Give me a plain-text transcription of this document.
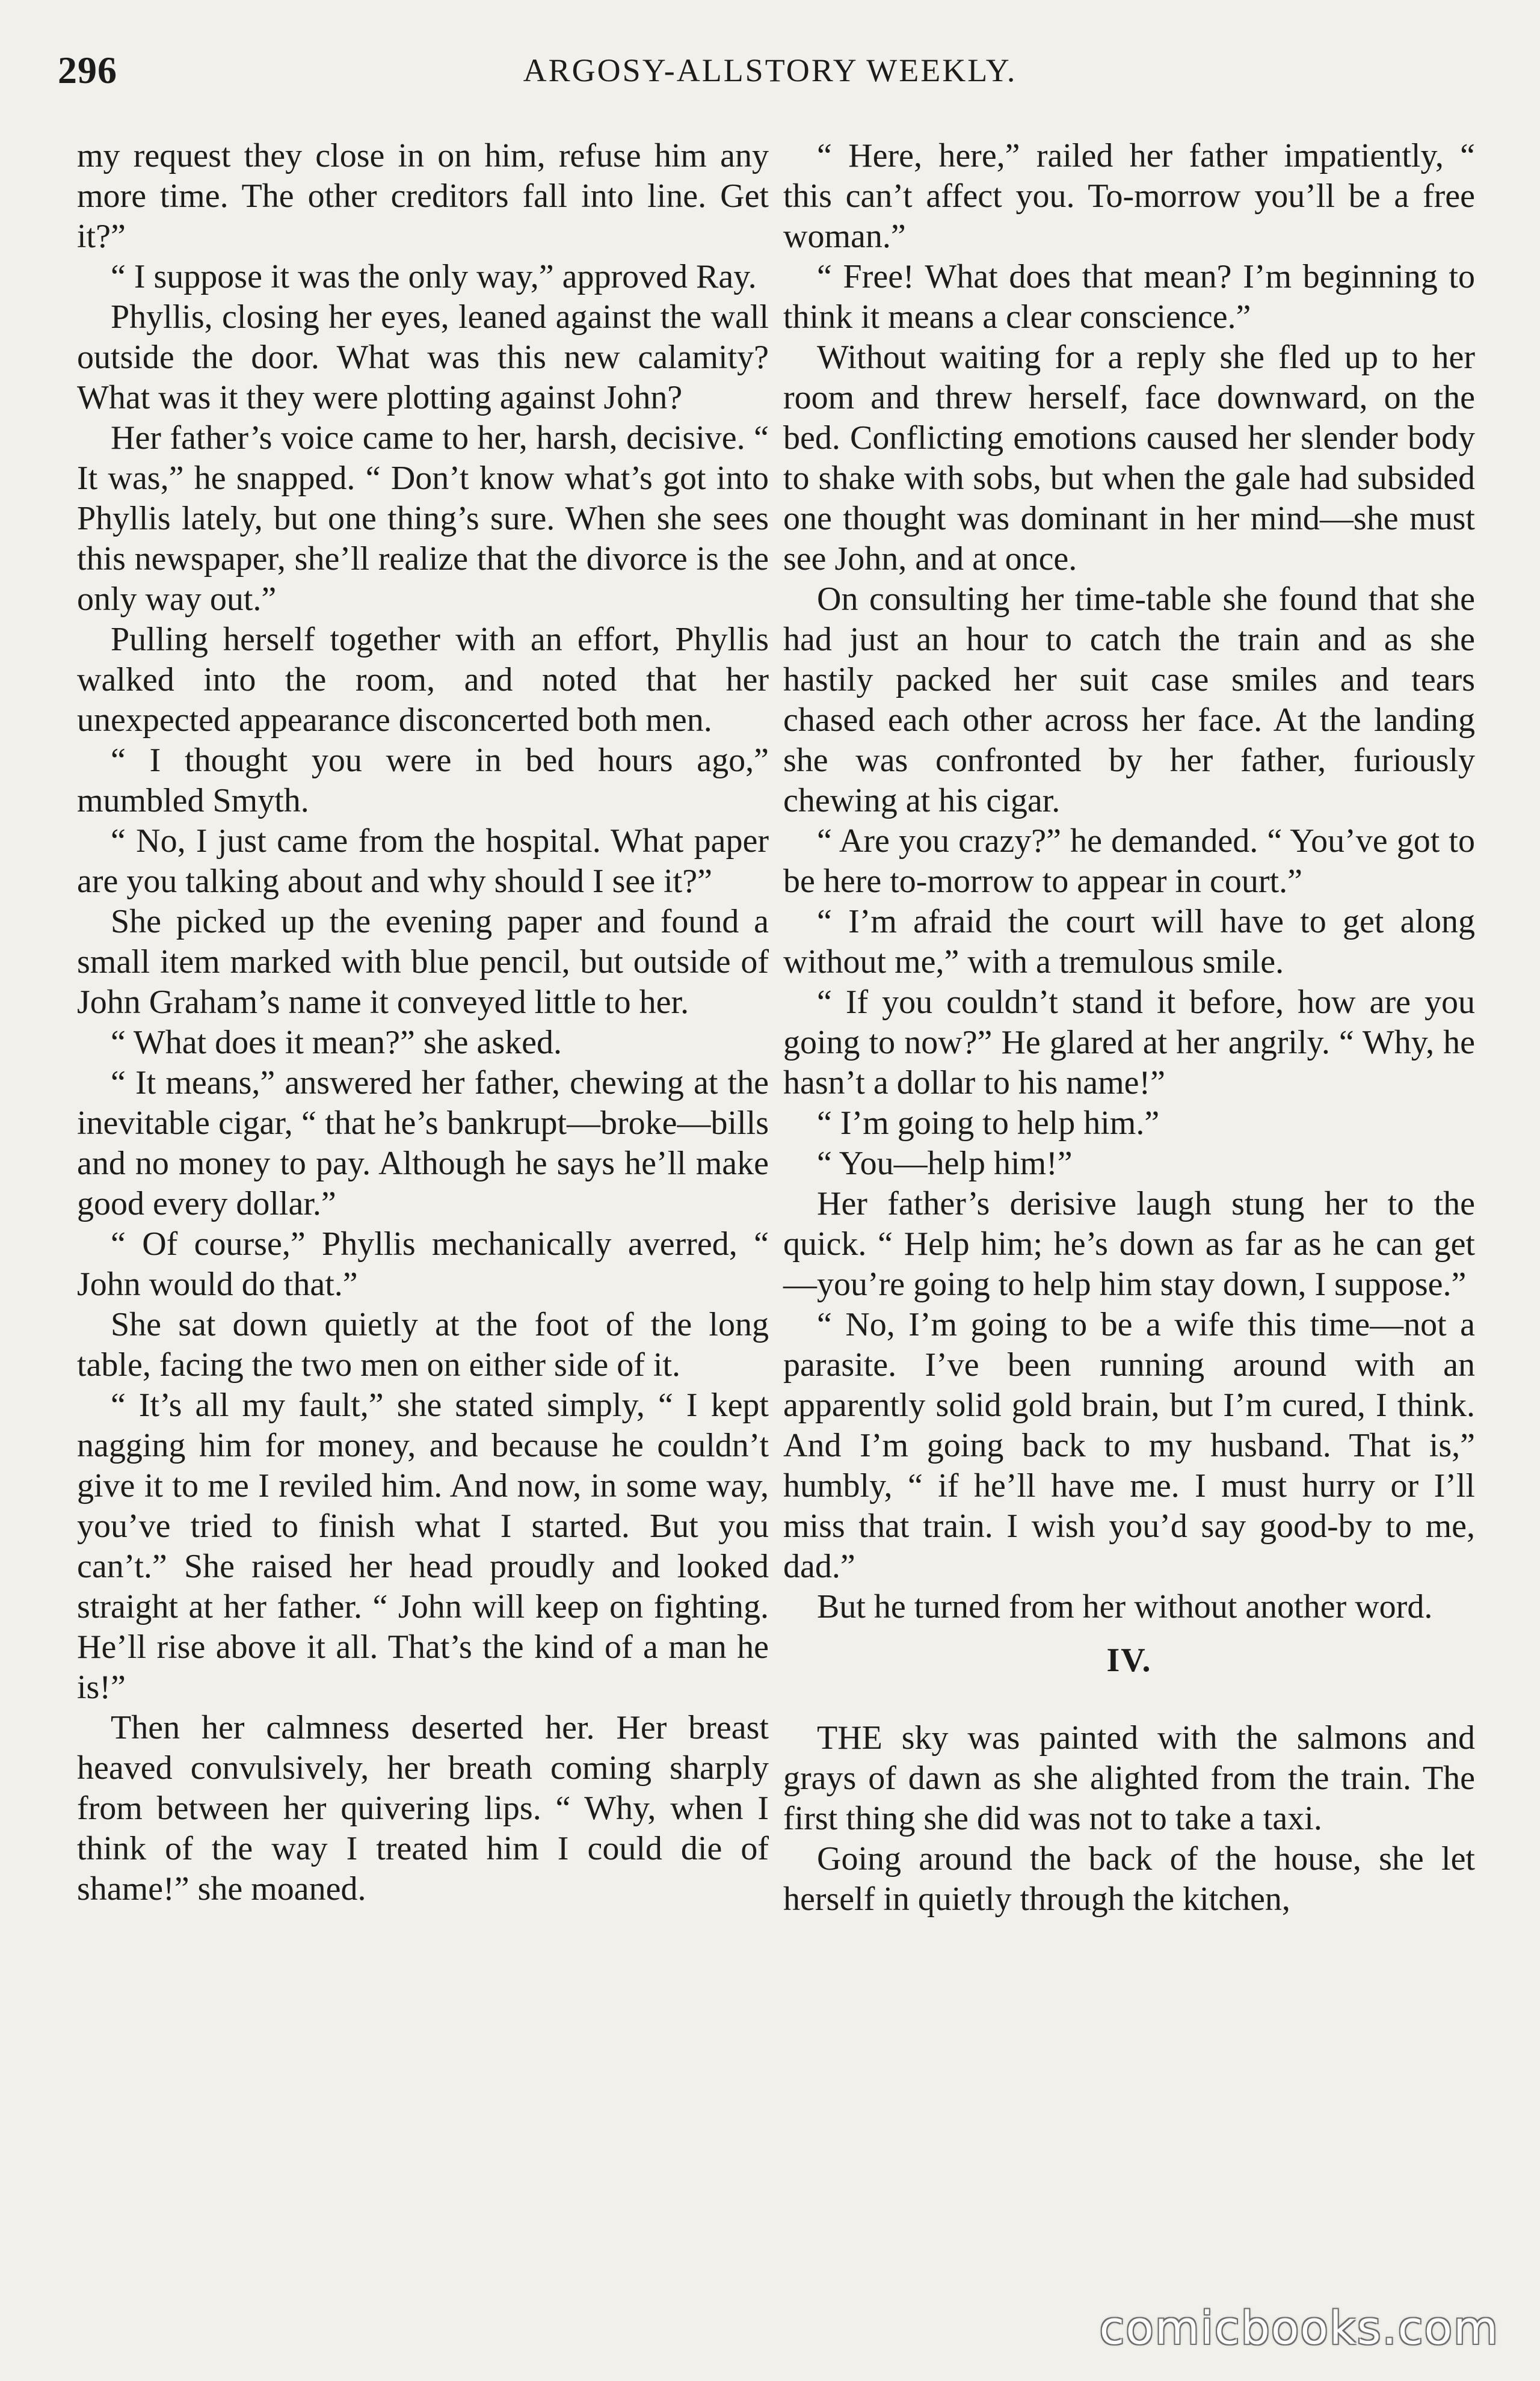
296	ARGOSY-ALLSTORY WEEKLY.

my request they close in on him, refuse him any more time. The other creditors fall into line. Get it?”

“ I suppose it was the only way,” approved Ray.

Phyllis, closing her eyes, leaned against the wall outside the door. What was this new calamity? What was it they were plotting against John?

Her father’s voice came to her, harsh, decisive. “ It was,” he snapped. “ Don’t know what’s got into Phyllis lately, but one thing’s sure. When she sees this newspaper, she’ll realize that the divorce is the only way out.”

Pulling herself together with an effort, Phyllis walked into the room, and noted that her unexpected appearance disconcerted both men.

“ I thought you were in bed hours ago,” mumbled Smyth.

“ No, I just came from the hospital. What paper are you talking about and why should I see it?”

She picked up the evening paper and found a small item marked with blue pencil, but outside of John Graham’s name it conveyed little to her.

“ What does it mean?” she asked.

“ It means,” answered her father, chewing at the inevitable cigar, “ that he’s bankrupt—broke—bills and no money to pay. Although he says he’ll make good every dollar.”

“ Of course,” Phyllis mechanically averred, “ John would do that.”

She sat down quietly at the foot of the long table, facing the two men on either side of it.

“ It’s all my fault,” she stated simply, “ I kept nagging him for money, and because he couldn’t give it to me I reviled him. And now, in some way, you’ve tried to finish what I started. But you can’t.” She raised her head proudly and looked straight at her father. “ John will keep on fighting. He’ll rise above it all. That’s the kind of a man he is!”

Then her calmness deserted her. Her breast heaved convulsively, her breath coming sharply from between her quivering lips. “ Why, when I think of the way I treated him I could die of shame!” she moaned.

“ Here, here,” railed her father impatiently, “ this can’t affect you. To-morrow you’ll be a free woman.”

“ Free! What does that mean? I’m beginning to think it means a clear conscience.”

Without waiting for a reply she fled up to her room and threw herself, face downward, on the bed. Conflicting emotions caused her slender body to shake with sobs, but when the gale had subsided one thought was dominant in her mind—she must see John, and at once.

On consulting her time-table she found that she had just an hour to catch the train and as she hastily packed her suit case smiles and tears chased each other across her face. At the landing she was confronted by her father, furiously chewing at his cigar.

“ Are you crazy?” he demanded. “ You’ve got to be here to-morrow to appear in court.”

“ I’m afraid the court will have to get along without me,” with a tremulous smile.

“ If you couldn’t stand it before, how are you going to now?” He glared at her angrily. “ Why, he hasn’t a dollar to his name!”

“ I’m going to help him.”

“ You—help him!”

Her father’s derisive laugh stung her to the quick. “ Help him; he’s down as far as he can get—you’re going to help him stay down, I suppose.”

“ No, I’m going to be a wife this time—not a parasite. I’ve been running around with an apparently solid gold brain, but I’m cured, I think. And I’m going back to my husband. That is,” humbly, “ if he’ll have me. I must hurry or I’ll miss that train. I wish you’d say good-by to me, dad.”

But he turned from her without another word.

IV.

THE sky was painted with the salmons and grays of dawn as she alighted from the train. The first thing she did was not to take a taxi.

Going around the back of the house, she let herself in quietly through the kitchen,

comicbooks.com
